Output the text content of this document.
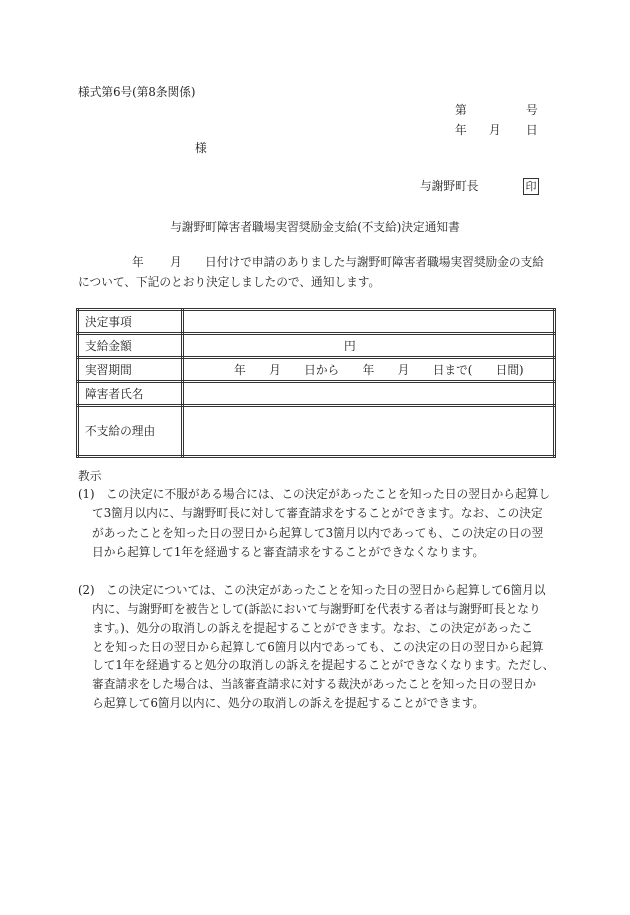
様式第6号(第8条関係)
第	号
年 月 日
様
与謝野町長	印
与謝野町障害者職場実習奨励金支給(不支給)決定通知書
年 月 日付けで申請のありました与謝野町障害者職場実習奨励金の支給
について、下記のとおり決定しましたので、通知します。
決定事項	
支給金額	円
実習期間	年　　月　　日から　　年　　月　　日まで(　　日間)
障害者氏名	
不支給の理由	
教示
(1) この決定に不服がある場合には、この決定があったことを知った日の翌日から起算し
て3箇月以内に、与謝野町長に対して審査請求をすることができます。なお、この決定
があったことを知った日の翌日から起算して3箇月以内であっても、この決定の日の翌
日から起算して1年を経過すると審査請求をすることができなくなります。
(2) この決定については、この決定があったことを知った日の翌日から起算して6箇月以
内に、与謝野町を被告として(訴訟において与謝野町を代表する者は与謝野町長となり
ます。)、処分の取消しの訴えを提起することができます。なお、この決定があったこ
とを知った日の翌日から起算して6箇月以内であっても、この決定の日の翌日から起算
して1年を経過すると処分の取消しの訴えを提起することができなくなります。ただし、
審査請求をした場合は、当該審査請求に対する裁決があったことを知った日の翌日か
ら起算して6箇月以内に、処分の取消しの訴えを提起することができます。
